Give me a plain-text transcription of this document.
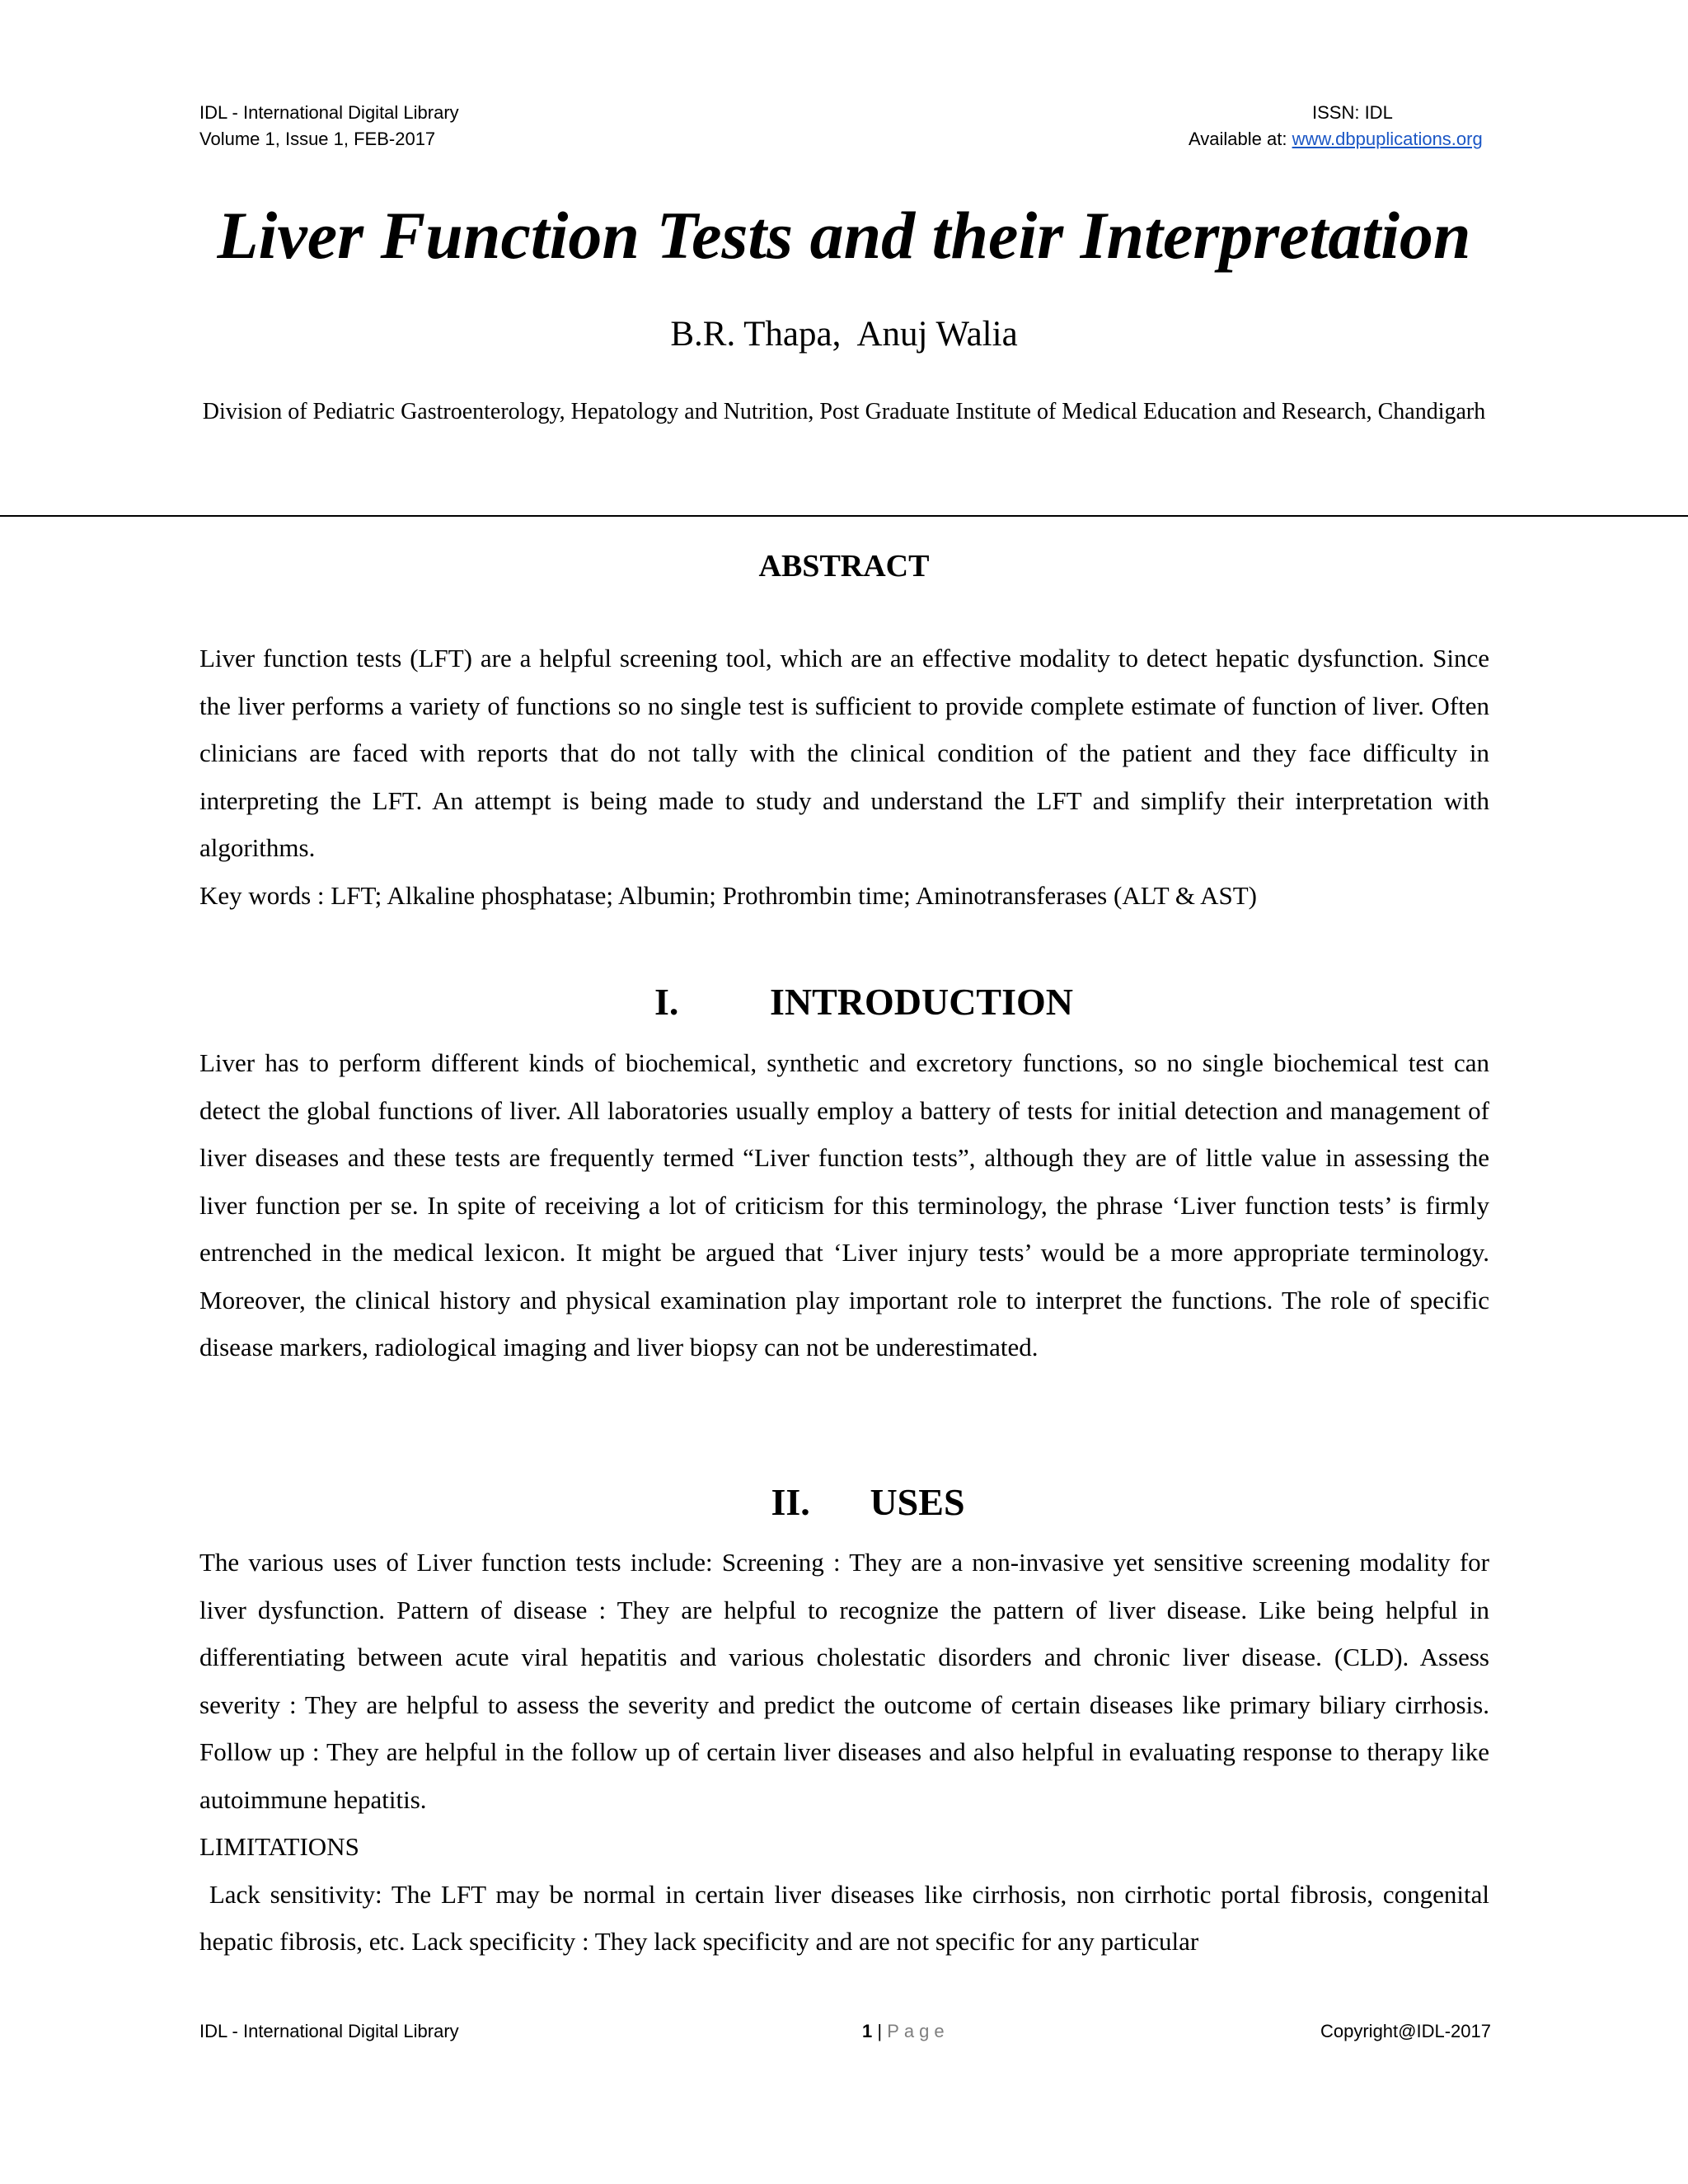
IDL - International Digital Library
Volume 1, Issue 1, FEB-2017
ISSN: IDL
Available at: www.dbpuplications.org
Liver Function Tests and their Interpretation
B.R. Thapa,  Anuj Walia
Division of Pediatric Gastroenterology, Hepatology and Nutrition, Post Graduate Institute of Medical Education and Research, Chandigarh
ABSTRACT

Liver function tests (LFT) are a helpful screening tool, which are an effective modality to detect hepatic dysfunction. Since the liver performs a variety of functions so no single test is sufficient to provide complete estimate of function of liver. Often clinicians are faced with reports that do not tally with the clinical condition of the patient and they face difficulty in interpreting the LFT. An attempt is being made to study and understand the LFT and simplify their interpretation with algorithms.

Key words : LFT; Alkaline phosphatase; Albumin; Prothrombin time; Aminotransferases (ALT & AST)

I. INTRODUCTION

Liver has to perform different kinds of biochemical, synthetic and excretory functions, so no single biochemical test can detect the global functions of liver. All laboratories usually employ a battery of tests for initial detection and management of liver diseases and these tests are frequently termed “Liver function tests”, although they are of little value in assessing the liver function per se. In spite of receiving a lot of criticism for this terminology, the phrase ‘Liver function tests’ is firmly entrenched in the medical lexicon. It might be argued that ‘Liver injury tests’ would be a more appropriate terminology. Moreover, the clinical history and physical examination play important role to interpret the functions. The role of specific disease markers, radiological imaging and liver biopsy can not be underestimated.

II. USES

The various uses of Liver function tests include: Screening : They are a non-invasive yet sensitive screening modality for liver dysfunction. Pattern of disease : They are helpful to recognize the pattern of liver disease. Like being helpful in differentiating between acute viral hepatitis and various cholestatic disorders and chronic liver disease. (CLD). Assess severity : They are helpful to assess the severity and predict the outcome of certain diseases like primary biliary cirrhosis. Follow up : They are helpful in the follow up of certain liver diseases and also helpful in evaluating response to therapy like autoimmune hepatitis.

LIMITATIONS

Lack sensitivity: The LFT may be normal in certain liver diseases like cirrhosis, non cirrhotic portal fibrosis, congenital hepatic fibrosis, etc. Lack specificity : They lack specificity and are not specific for any particular

IDL - International Digital Library	1 | Page	Copyright@IDL-2017
